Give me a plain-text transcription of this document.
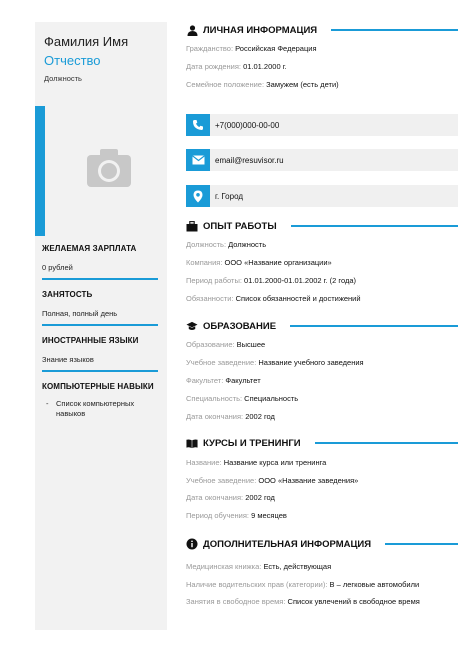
Фамилия Имя
Отчество
Должность
ЖЕЛАЕМАЯ ЗАРПЛАТА
0 рублей
ЗАНЯТОСТЬ
Полная, полный день
ИНОСТРАННЫЕ ЯЗЫКИ
Знание языков
КОМПЬЮТЕРНЫЕ НАВЫКИ
-	Список компьютерных навыков
ЛИЧНАЯ ИНФОРМАЦИЯ
Гражданство: Российская Федерация
Дата рождения: 01.01.2000 г.
Семейное положение: Замужем (есть дети)
+7(000)000-00-00
email@resuvisor.ru
г. Город
ОПЫТ РАБОТЫ
Должность: Должность
Компания: ООО «Название организации»
Период работы: 01.01.2000-01.01.2002 г. (2 года)
Обязанности: Список обязанностей и достижений
ОБРАЗОВАНИЕ
Образование: Высшее
Учебное заведение: Название учебного заведения
Факультет: Факультет
Специальность: Специальность
Дата окончания: 2002 год
КУРСЫ И ТРЕНИНГИ
Название: Название курса или тренинга
Учебное заведение: ООО «Название заведения»
Дата окончания: 2002 год
Период обучения: 9 месяцев
ДОПОЛНИТЕЛЬНАЯ ИНФОРМАЦИЯ
Медицинская книжка: Есть, действующая
Наличие водительских прав (категории): В – легковые автомобили
Занятия в свободное время: Список увлечений в свободное время
